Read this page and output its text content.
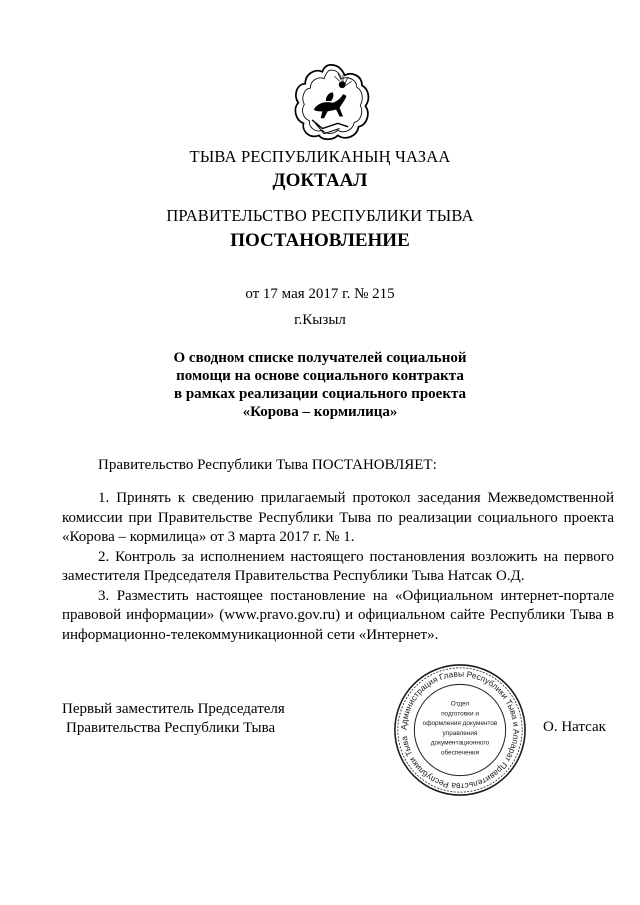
ТЫВА РЕСПУБЛИКАНЫҢ ЧАЗАА
ДОКТААЛ
ПРАВИТЕЛЬСТВО РЕСПУБЛИКИ ТЫВА
ПОСТАНОВЛЕНИЕ
от 17 мая 2017 г. № 215
г.Кызыл
О сводном списке получателей социальной
помощи на основе социального контракта
в рамках реализации социального проекта
«Корова – кормилица»
Правительство Республики Тыва ПОСТАНОВЛЯЕТ:

1. Принять к сведению прилагаемый протокол заседания Межведомственной комиссии при Правительстве Республики Тыва по реализации социального проекта «Корова – кормилица» от 3 марта 2017 г. № 1.

2. Контроль за исполнением настоящего постановления возложить на первого заместителя Председателя Правительства Республики Тыва Натсак О.Д.

3. Разместить настоящее постановление на «Официальном интернет-портале правовой информации» (www.pravo.gov.ru) и официальном сайте Республики Тыва в информационно-телекоммуникационной сети «Интернет».

Первый заместитель Председателя
Правительства Республики Тыва	Администрация Главы Республики Тыва и Аппарат Правительства Республики Тыва
Отдел
подготовки и
оформления документов
управления
документационного
обеспечения
О. Натсак
